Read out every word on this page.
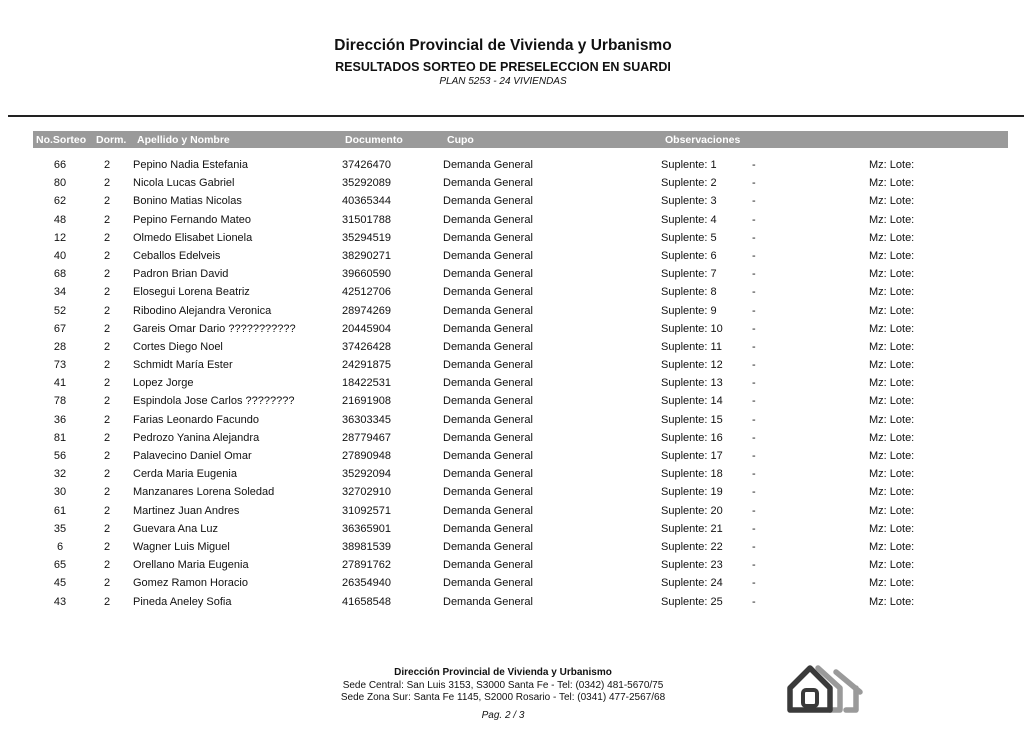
Dirección Provincial de Vivienda y Urbanismo
RESULTADOS SORTEO DE PRESELECCION EN SUARDI
PLAN 5253 - 24 VIVIENDAS
No.Sorteo Dorm. Apellido y Nombre	Documento	Cupo	Observaciones
66	2	Pepino Nadia Estefania	37426470	Demanda General	Suplente: 1	-	Mz: Lote:
80	2	Nicola Lucas Gabriel	35292089	Demanda General	Suplente: 2	-	Mz: Lote:
62	2	Bonino Matias Nicolas	40365344	Demanda General	Suplente: 3	-	Mz: Lote:
48	2	Pepino Fernando Mateo	31501788	Demanda General	Suplente: 4	-	Mz: Lote:
12	2	Olmedo Elisabet Lionela	35294519	Demanda General	Suplente: 5	-	Mz: Lote:
40	2	Ceballos Edelveis	38290271	Demanda General	Suplente: 6	-	Mz: Lote:
68	2	Padron Brian David	39660590	Demanda General	Suplente: 7	-	Mz: Lote:
34	2	Elosegui Lorena Beatriz	42512706	Demanda General	Suplente: 8	-	Mz: Lote:
52	2	Ribodino Alejandra Veronica	28974269	Demanda General	Suplente: 9	-	Mz: Lote:
67	2	Gareis Omar Dario ???????????	20445904	Demanda General	Suplente: 10	-	Mz: Lote:
28	2	Cortes Diego Noel	37426428	Demanda General	Suplente: 11	-	Mz: Lote:
73	2	Schmidt María Ester	24291875	Demanda General	Suplente: 12	-	Mz: Lote:
41	2	Lopez Jorge	18422531	Demanda General	Suplente: 13	-	Mz: Lote:
78	2	Espindola Jose Carlos ????????	21691908	Demanda General	Suplente: 14	-	Mz: Lote:
36	2	Farias Leonardo Facundo	36303345	Demanda General	Suplente: 15	-	Mz: Lote:
81	2	Pedrozo Yanina Alejandra	28779467	Demanda General	Suplente: 16	-	Mz: Lote:
56	2	Palavecino Daniel Omar	27890948	Demanda General	Suplente: 17	-	Mz: Lote:
32	2	Cerda Maria Eugenia	35292094	Demanda General	Suplente: 18	-	Mz: Lote:
30	2	Manzanares Lorena Soledad	32702910	Demanda General	Suplente: 19	-	Mz: Lote:
61	2	Martinez Juan Andres	31092571	Demanda General	Suplente: 20	-	Mz: Lote:
35	2	Guevara Ana Luz	36365901	Demanda General	Suplente: 21	-	Mz: Lote:
6	2	Wagner Luis Miguel	38981539	Demanda General	Suplente: 22	-	Mz: Lote:
65	2	Orellano Maria Eugenia	27891762	Demanda General	Suplente: 23	-	Mz: Lote:
45	2	Gomez Ramon Horacio	26354940	Demanda General	Suplente: 24	-	Mz: Lote:
43	2	Pineda Aneley Sofia	41658548	Demanda General	Suplente: 25	-	Mz: Lote:
Dirección Provincial de Vivienda y Urbanismo
Sede Central: San Luis 3153, S3000 Santa Fe - Tel: (0342) 481-5670/75
Sede Zona Sur: Santa Fe 1145, S2000 Rosario - Tel: (0341) 477-2567/68
Pag. 2 / 3
